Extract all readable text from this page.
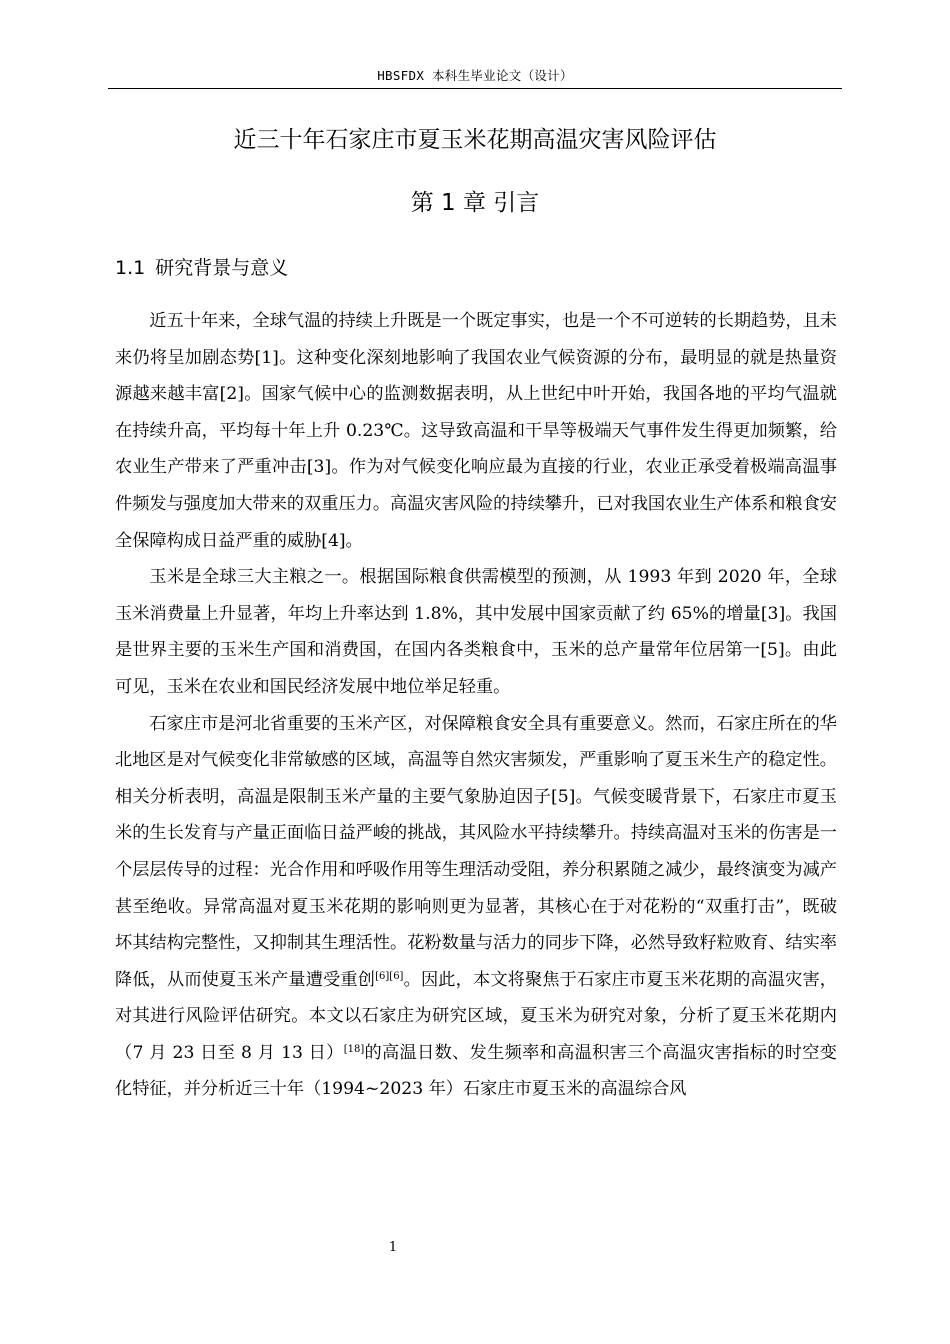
HBSFDX 本科生毕业论文（设计）
近三十年石家庄市夏玉米花期高温灾害风险评估
第 1 章 引言
1.1 研究背景与意义

近五十年来，全球气温的持续上升既是一个既定事实，也是一个不可逆转的长期趋势，且未来仍将呈加剧态势[1]。这种变化深刻地影响了我国农业气候资源的分布，最明显的就是热量资源越来越丰富[2]。国家气候中心的监测数据表明，从上世纪中叶开始，我国各地的平均气温就在持续升高，平均每十年上升 0.23℃。这导致高温和干旱等极端天气事件发生得更加频繁，给农业生产带来了严重冲击[3]。作为对气候变化响应最为直接的行业，农业正承受着极端高温事件频发与强度加大带来的双重压力。高温灾害风险的持续攀升，已对我国农业生产体系和粮食安全保障构成日益严重的威胁[4]。

玉米是全球三大主粮之一。根据国际粮食供需模型的预测，从 1993 年到 2020 年，全球玉米消费量上升显著，年均上升率达到 1.8%，其中发展中国家贡献了约 65%的增量[3]。我国是世界主要的玉米生产国和消费国，在国内各类粮食中，玉米的总产量常年位居第一[5]。由此可见，玉米在农业和国民经济发展中地位举足轻重。

石家庄市是河北省重要的玉米产区，对保障粮食安全具有重要意义。然而，石家庄所在的华北地区是对气候变化非常敏感的区域，高温等自然灾害频发，严重影响了夏玉米生产的稳定性。相关分析表明，高温是限制玉米产量的主要气象胁迫因子[5]。气候变暖背景下，石家庄市夏玉米的生长发育与产量正面临日益严峻的挑战，其风险水平持续攀升。持续高温对玉米的伤害是一个层层传导的过程：光合作用和呼吸作用等生理活动受阻，养分积累随之减少，最终演变为减产甚至绝收。异常高温对夏玉米花期的影响则更为显著，其核心在于对花粉的“双重打击”，既破坏其结构完整性，又抑制其生理活性。花粉数量与活力的同步下降，必然导致籽粒败育、结实率降低，从而使夏玉米产量遭受重创[6][6]。因此，本文将聚焦于石家庄市夏玉米花期的高温灾害，对其进行风险评估研究。本文以石家庄为研究区域，夏玉米为研究对象，分析了夏玉米花期内（7 月 23 日至 8 月 13 日）[18]的高温日数、发生频率和高温积害三个高温灾害指标的时空变化特征，并分析近三十年（1994~2023 年）石家庄市夏玉米的高温综合风

1
